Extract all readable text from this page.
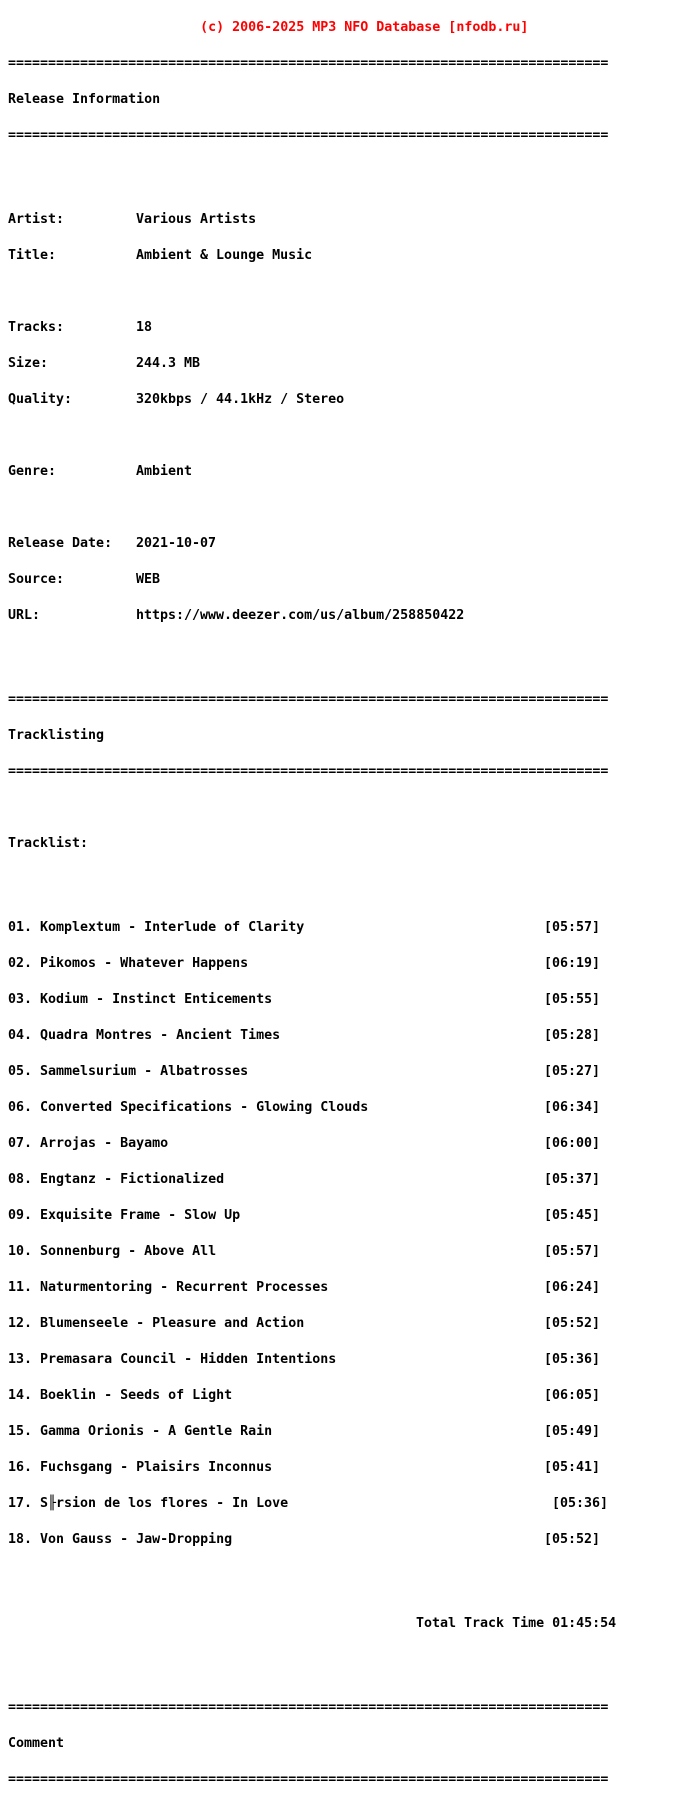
(c) 2006-2025 MP3 NFO Database [nfodb.ru]

===========================================================================

Release Information

===========================================================================

Artist:	Various Artists

Title:	Ambient & Lounge Music

Tracks:	18

Size:	244.3 MB

Quality:	320kbps / 44.1kHz / Stereo

Genre:	Ambient

Release Date: 2021-10-07

Source:	WEB

URL:	https://www.deezer.com/us/album/258850422

===========================================================================

Tracklisting

===========================================================================

Tracklist:

01. Komplextum - Interlude of Clarity	[05:57]

02. Pikomos - Whatever Happens	[06:19]

03. Kodium - Instinct Enticements	[05:55]

04. Quadra Montres - Ancient Times	[05:28]

05. Sammelsurium - Albatrosses	[05:27]

06. Converted Specifications - Glowing Clouds	[06:34]

07. Arrojas - Bayamo	[06:00]

08. Engtanz - Fictionalized	[05:37]

09. Exquisite Frame - Slow Up	[05:45]

10. Sonnenburg - Above All	[05:57]

11. Naturmentoring - Recurrent Processes	[06:24]

12. Blumenseele - Pleasure and Action	[05:52]

13. Premasara Council - Hidden Intentions	[05:36]

14. Boeklin - Seeds of Light	[06:05]

15. Gamma Orionis - A Gentle Rain	[05:49]

16. Fuchsgang - Plaisirs Inconnus	[05:41]

17. S╟rsion de los flores - In Love	[05:36]

18. Von Gauss - Jaw-Dropping	[05:52]

Total Track Time 01:45:54

===========================================================================

Comment

===========================================================================
